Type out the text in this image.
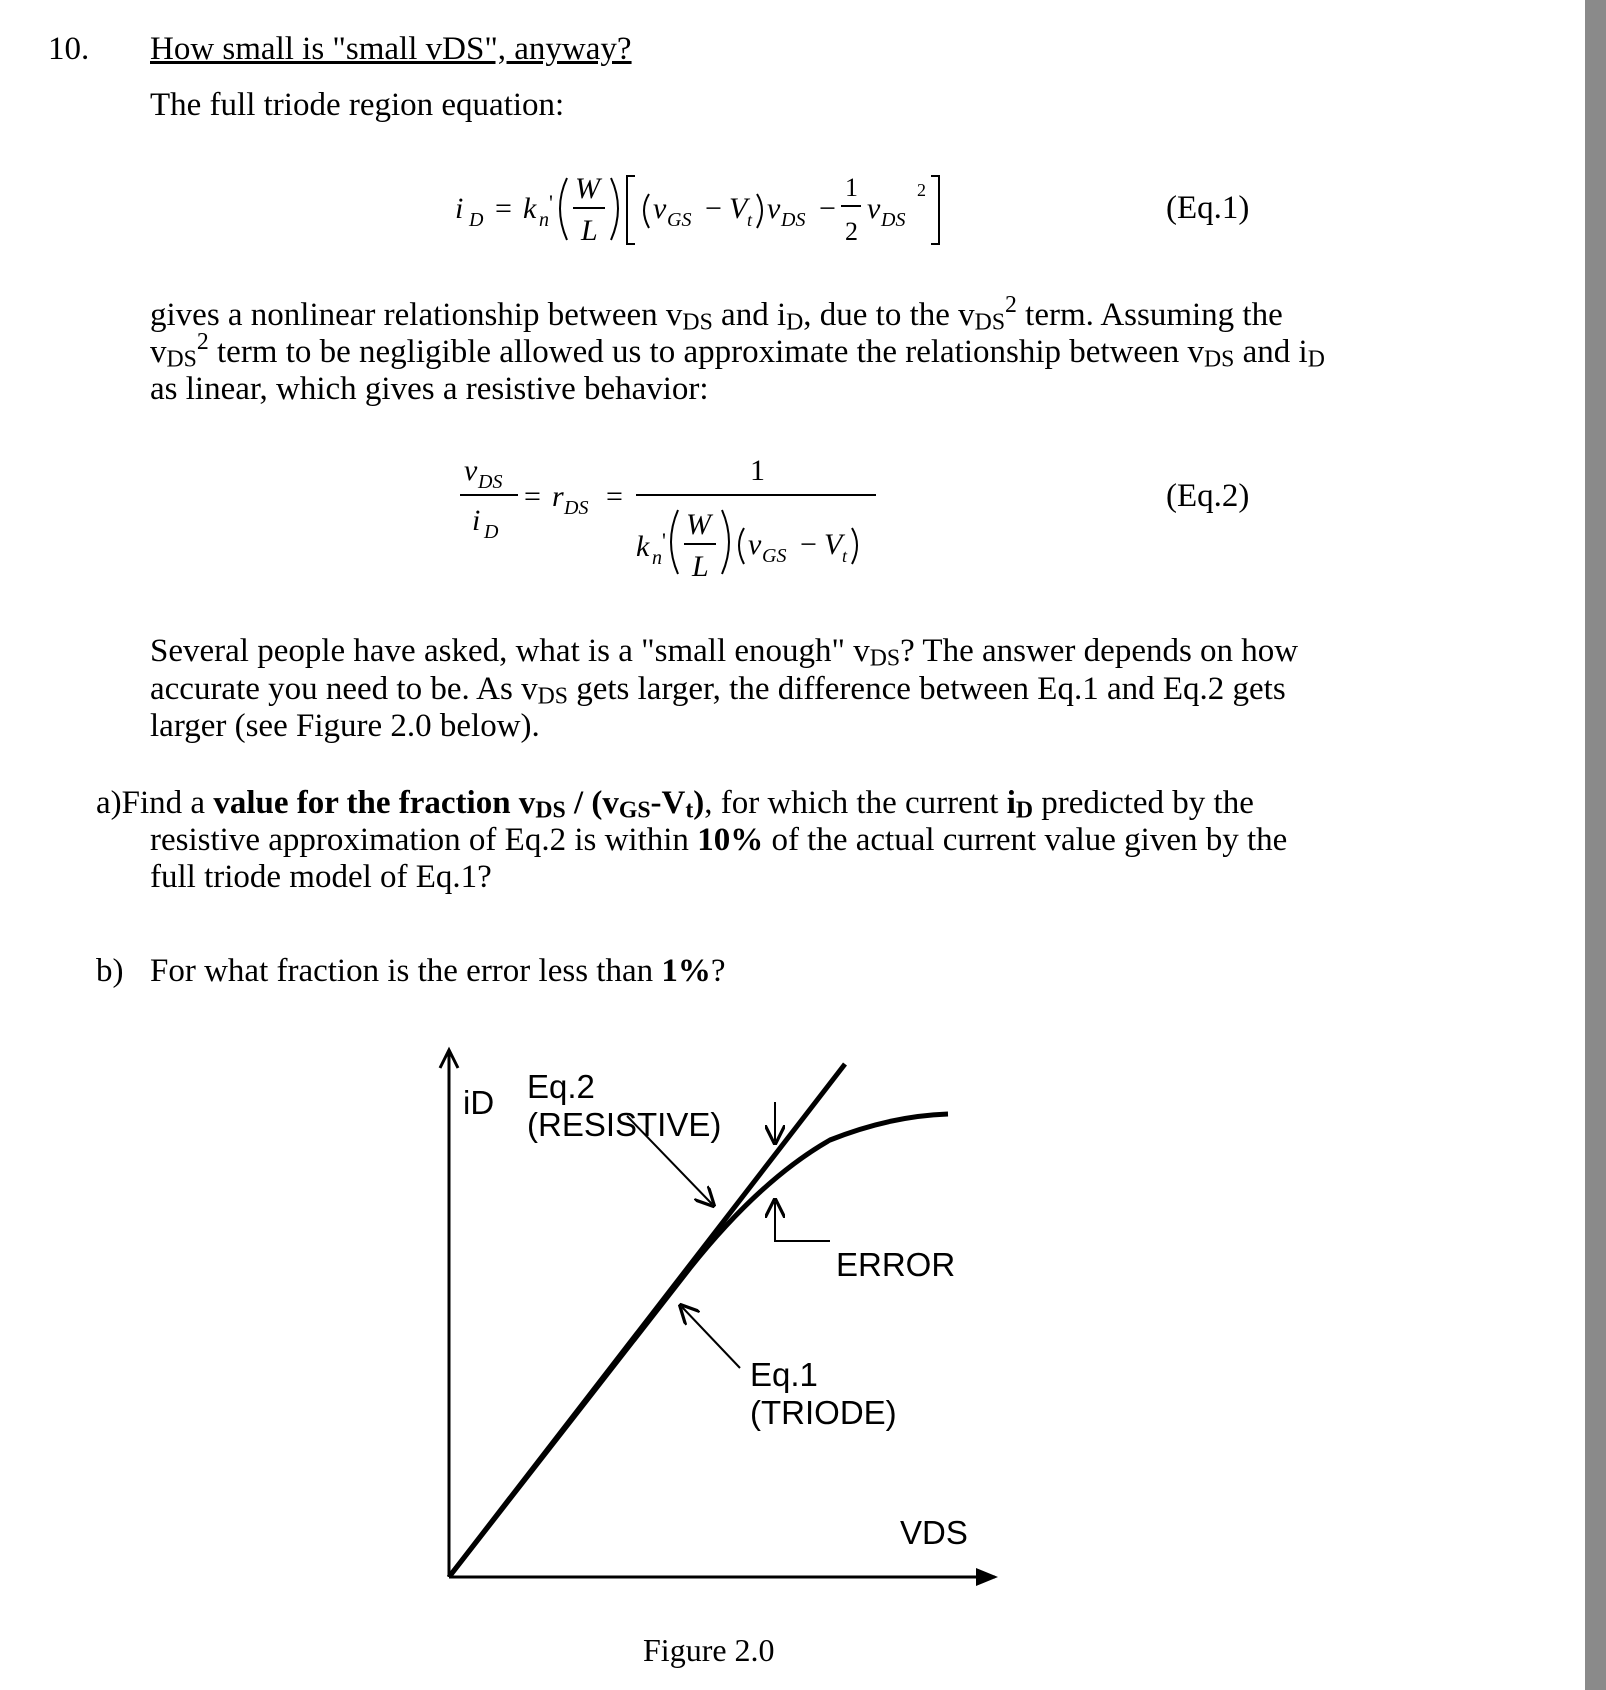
10. How small is "small vDS", anyway?
The full triode region equation:
i D = k n
' W
L
v GS − V t v DS −
1
2
v DS
2	(Eq.1)
gives a nonlinear relationship between $v_{DS}$ and $i_D$, due to the $v_{DS}^2$ term. Assuming the
$v_{DS}^2$ term to be negligible allowed us to approximate the relationship between $v_{DS}$ and $i_D$
as linear, which gives a resistive behavior:
v DS
i D
= r DS =
1
k n
' W
L
v GS − V t
(Eq.2)
Several people have asked, what is a "small enough" $v_{DS}$? The answer depends on how
accurate you need to be. As $v_{DS}$ gets larger, the difference between Eq.1 and Eq.2 gets
larger (see Figure 2.0 below).
a)Find a value for the fraction $v_{DS} / (v_{GS}-V_t)$, for which the current $i_D$ predicted by the
resistive approximation of Eq.2 is within 10% of the actual current value given by the
full triode model of Eq.1?
b) For what fraction is the error less than 1%?
iD Eq.2
(RESISTIVE)
ERROR
Eq.1
(TRIODE)
VDS
Figure 2.0
